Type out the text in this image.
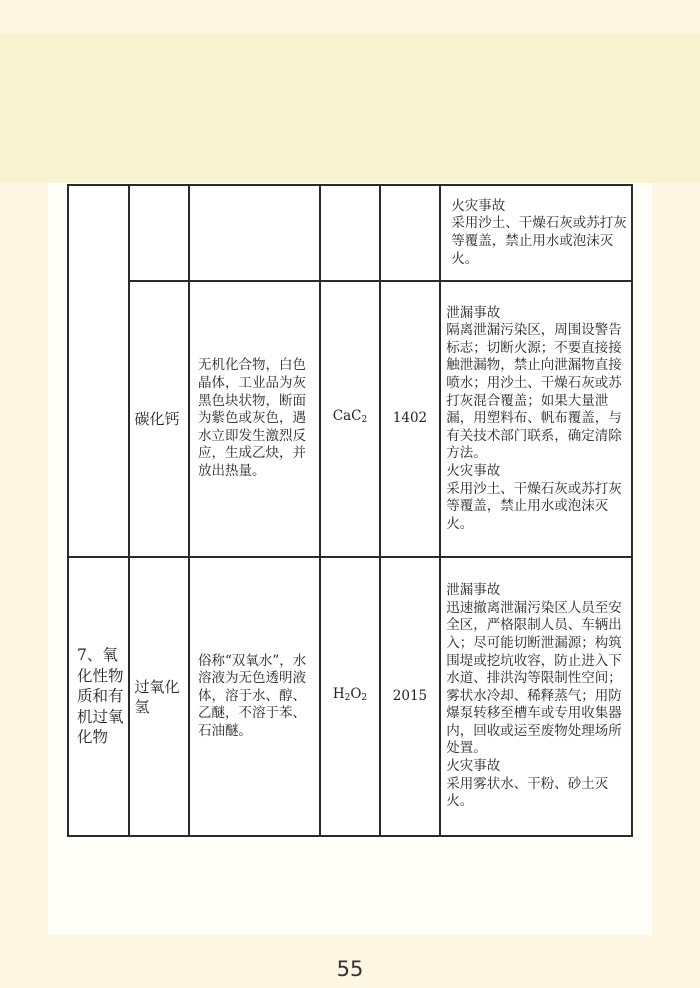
					火灾事故
采用沙土、干燥石灰或苏打灰等覆盖，禁止用水或泡沫灭火。

	碳化钙	无机化合物，白色晶体，工业品为灰黑色块状物，断面为紫色或灰色，遇水立即发生激烈反应，生成乙炔，并放出热量。	CaC$_2$	1402	泄漏事故
隔离泄漏污染区，周围设警告标志；切断火源；不要直接接触泄漏物，禁止向泄漏物直接喷水；用沙土、干燥石灰或苏打灰混合覆盖；如果大量泄漏，用塑料布、帆布覆盖，与有关技术部门联系，确定清除方法。
火灾事故
采用沙土、干燥石灰或苏打灰等覆盖，禁止用水或泡沫灭火。

7、氧化性物质和有机过氧化物	过氧化氢	俗称“双氧水”，水溶液为无色透明液体，溶于水、醇、乙醚，不溶于苯、石油醚。	$H_2O_2$	2015	泄漏事故
迅速撤离泄漏污染区人员至安全区，严格限制人员、车辆出入；尽可能切断泄漏源；构筑围堤或挖坑收容，防止进入下水道、排洪沟等限制性空间；雾状水冷却、稀释蒸气；用防爆泵转移至槽车或专用收集器内，回收或运至废物处理场所处置。
火灾事故
采用雾状水、干粉、砂土灭火。
55
